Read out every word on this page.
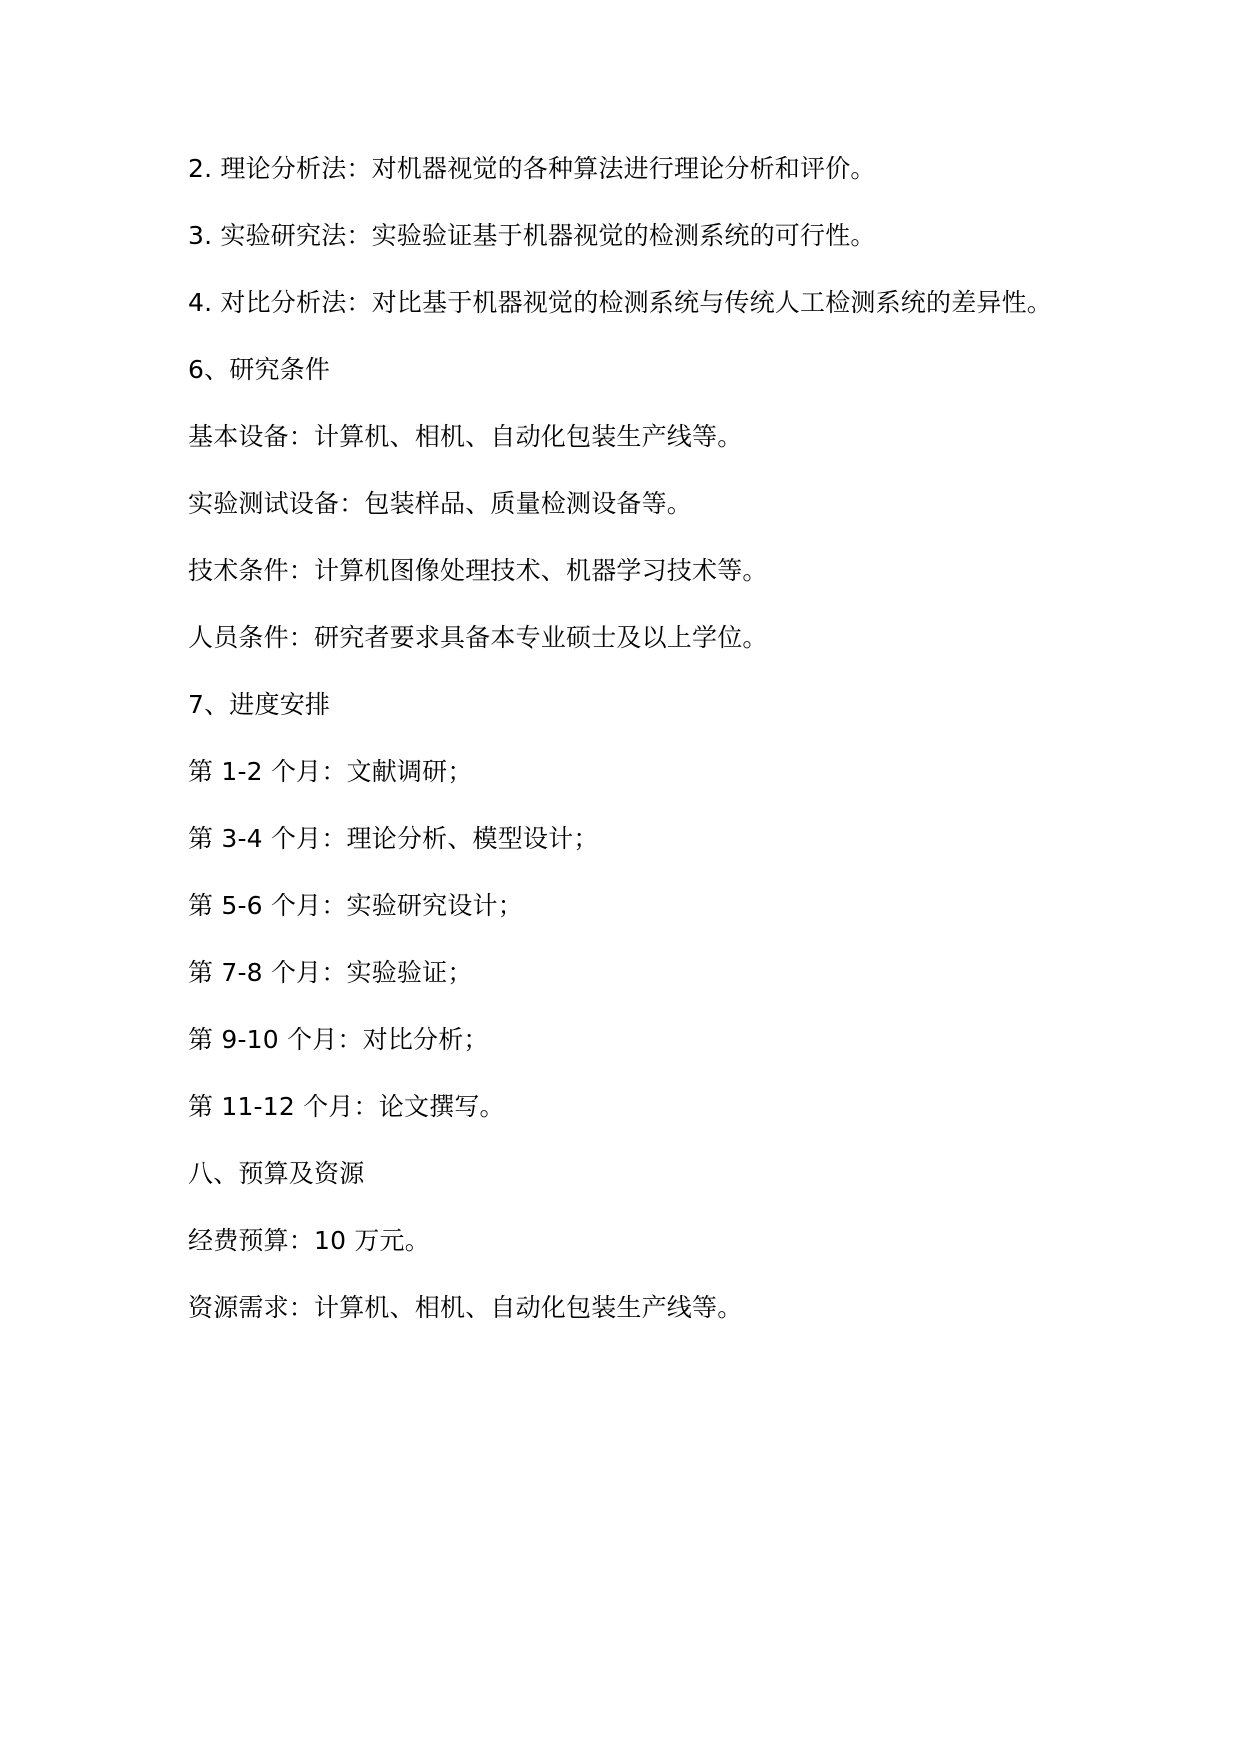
2. 理论分析法：对机器视觉的各种算法进行理论分析和评价。

3. 实验研究法：实验验证基于机器视觉的检测系统的可行性。

4. 对比分析法：对比基于机器视觉的检测系统与传统人工检测系统的差异性。

6、研究条件

基本设备：计算机、相机、自动化包装生产线等。

实验测试设备：包装样品、质量检测设备等。

技术条件：计算机图像处理技术、机器学习技术等。

人员条件：研究者要求具备本专业硕士及以上学位。

7、进度安排

第 1-2 个月：文献调研；

第 3-4 个月：理论分析、模型设计；

第 5-6 个月：实验研究设计；

第 7-8 个月：实验验证；

第 9-10 个月：对比分析；

第 11-12 个月：论文撰写。

八、预算及资源

经费预算：10 万元。

资源需求：计算机、相机、自动化包装生产线等。
